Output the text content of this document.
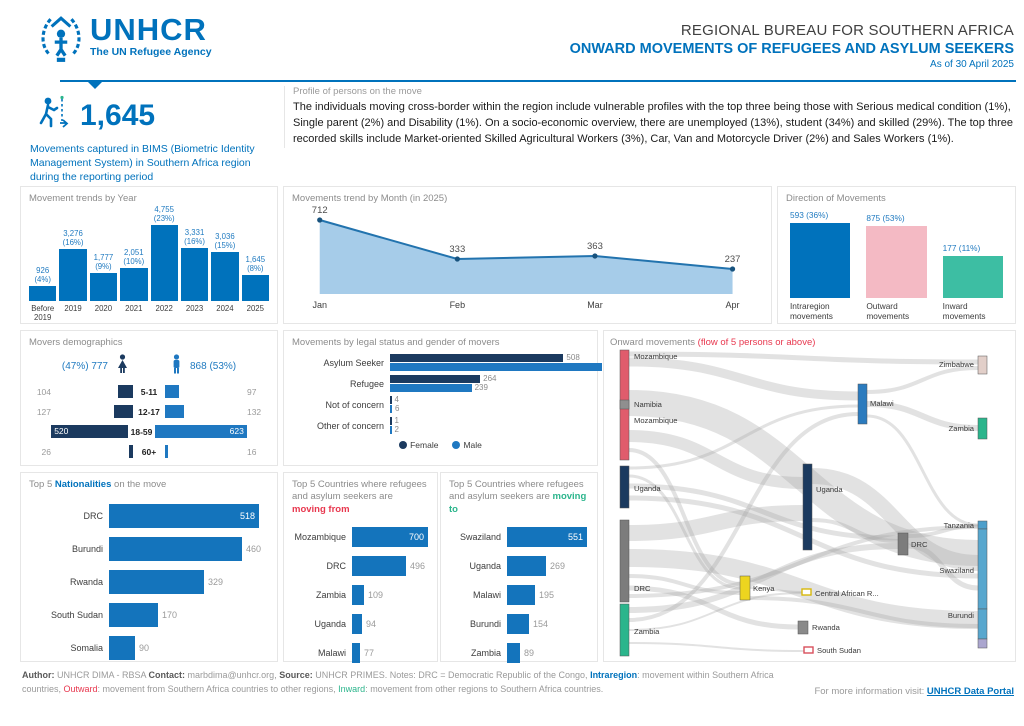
UNHCR
The UN Refugee Agency
REGIONAL BUREAU FOR SOUTHERN AFRICA
ONWARD MOVEMENTS OF REFUGEES AND ASYLUM SEEKERS
As of 30 April 2025
1,645
Movements captured in BIMS (Biometric Identity Management System) in Southern Africa region during the reporting period
Profile of persons on the move
The individuals moving cross-border within the region include vulnerable profiles with the top three being those with Serious medical condition (1%), Single parent (2%) and Disability (1%). On a socio-economic overview, there are unemployed (13%), student (34%) and skilled (29%). The top three recorded skills include Market-oriented Skilled Agricultural Workers (3%), Car, Van and Motorcycle Driver (2%) and Sales Workers (1%).
Movement trends by Year
926
(4%)
Before
2019
3,276
(16%)
2019
1,777
(9%)
2020
2,051
(10%)
2021
4,755
(23%)
2022
3,331
(16%)
2023
3,036
(15%)
2024
1,645
(8%)
2025
Movements trend by Month (in 2025)
712
Jan
333
Feb
363
Mar
237
Apr
Direction of Movements
593 (36%)
Intraregion
movements
875 (53%)
Outward
movements
177 (11%)
Inward
movements
Movers demographics
(47%) 777	868 (53%)
104	5-11	97
127	12-17	132
520	18-59	623
26	60+	16
Movements by legal status and gender of movers
Asylum Seeker	508
Refugee	264
239
Not of concern	4
6
Other of concern	1
2
Female	Male
Onward movements (flow of 5 persons or above)
Mozambique
Namibia
Mozambique
Uganda
DRC
Zambia
Malawi
Uganda
Kenya
Central African R...
Rwanda
South Sudan
Zimbabwe
Zambia
Tanzania
Swaziland
Burundi
DRC
Top 5 Nationalities on the move
DRC	518
Burundi	460
Rwanda	329
South Sudan	170
Somalia	90
Top 5 Countries where refugees and asylum seekers are moving from
Mozambique	700
DRC	496
Zambia	109
Uganda	94
Malawi	77
Top 5 Countries where refugees and asylum seekers are moving to
Swaziland	551
Uganda	269
Malawi	195
Burundi	154
Zambia	89
Author: UNHCR DIMA - RBSA Contact: marbdima@unhcr.org, Source: UNHCR PRIMES. Notes: DRC = Democratic Republic of the Congo, Intraregion: movement within Southern Africa countries, Outward: movement from Southern Africa countries to other regions, Inward: movement from other regions to Southern Africa countries.	For more information visit: UNHCR Data Portal
